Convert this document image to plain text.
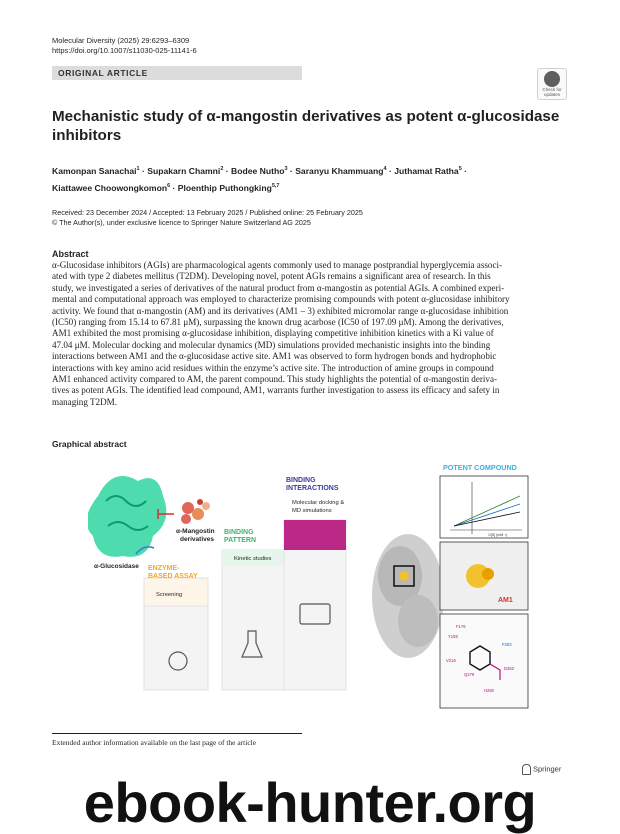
Molecular Diversity (2025) 29:6293–6309
https://doi.org/10.1007/s11030-025-11141-6
ORIGINAL ARTICLE
Check for
updates
Mechanistic study of α-mangostin derivatives as potent α-glucosidase
inhibitors
Kamonpan Sanachai$^1$ · Supakarn Chamni$^2$ · Bodee Nutho$^3$ · Saranyu Khammuang$^4$ · Juthamat Ratha$^5$ ·
Kiattawee Choowongkomon$^6$ · Ploenthip Puthongking$^{5,7}$
Received: 23 December 2024 / Accepted: 13 February 2025 / Published online: 25 February 2025
© The Author(s), under exclusive licence to Springer Nature Switzerland AG 2025
Abstract
α-Glucosidase inhibitors (AGIs) are pharmacological agents commonly used to manage postprandial hyperglycemia associ-
ated with type 2 diabetes mellitus (T2DM). Developing novel, potent AGIs remains a significant area of research. In this
study, we investigated a series of derivatives of the natural product from α-mangostin as potential AGIs. A combined experi-
mental and computational approach was employed to characterize promising compounds with potent α-glucosidase inhibitory
activity. We found that α-mangostin (AM) and its derivatives (AM1 – 3) exhibited micromolar range α-glucosidase inhibition
(IC50) ranging from 15.14 to 67.81 μM), surpassing the known drug acarbose (IC50 of 197.09 μM). Among the derivatives,
AM1 exhibited the most promising α-glucosidase inhibition, displaying competitive inhibition kinetics with a Ki value of
47.04 μM. Molecular docking and molecular dynamics (MD) simulations provided mechanistic insights into the binding
interactions between AM1 and the α-glucosidase active site. AM1 was observed to form hydrogen bonds and hydrophobic
interactions with key amino acid residues within the enzyme’s active site. The introduction of amine groups in compound
AM1 enhanced activity compared to AM, the parent compound. This study highlights the potential of α-mangostin deriva-
tives as potent AGIs. The identified lead compound, AM1, warrants further investigation to assess its efficacy and safety in
managing T2DM.
Graphical abstract
α-Glucosidase
α-Mangostin
derivatives
ENZYME-
BASED ASSAY
Screening
BINDING
PATTERN
Kinetic studies
BINDING
INTERACTIONS
Molecular docking &
MD simulations
POTENT COMPOUND
1/[S] (mM⁻¹)
AM1
F176
F303
Y158
V216
Q279
H280
D352
Extended author information available on the last page of the article
Springer
ebook-hunter.org
